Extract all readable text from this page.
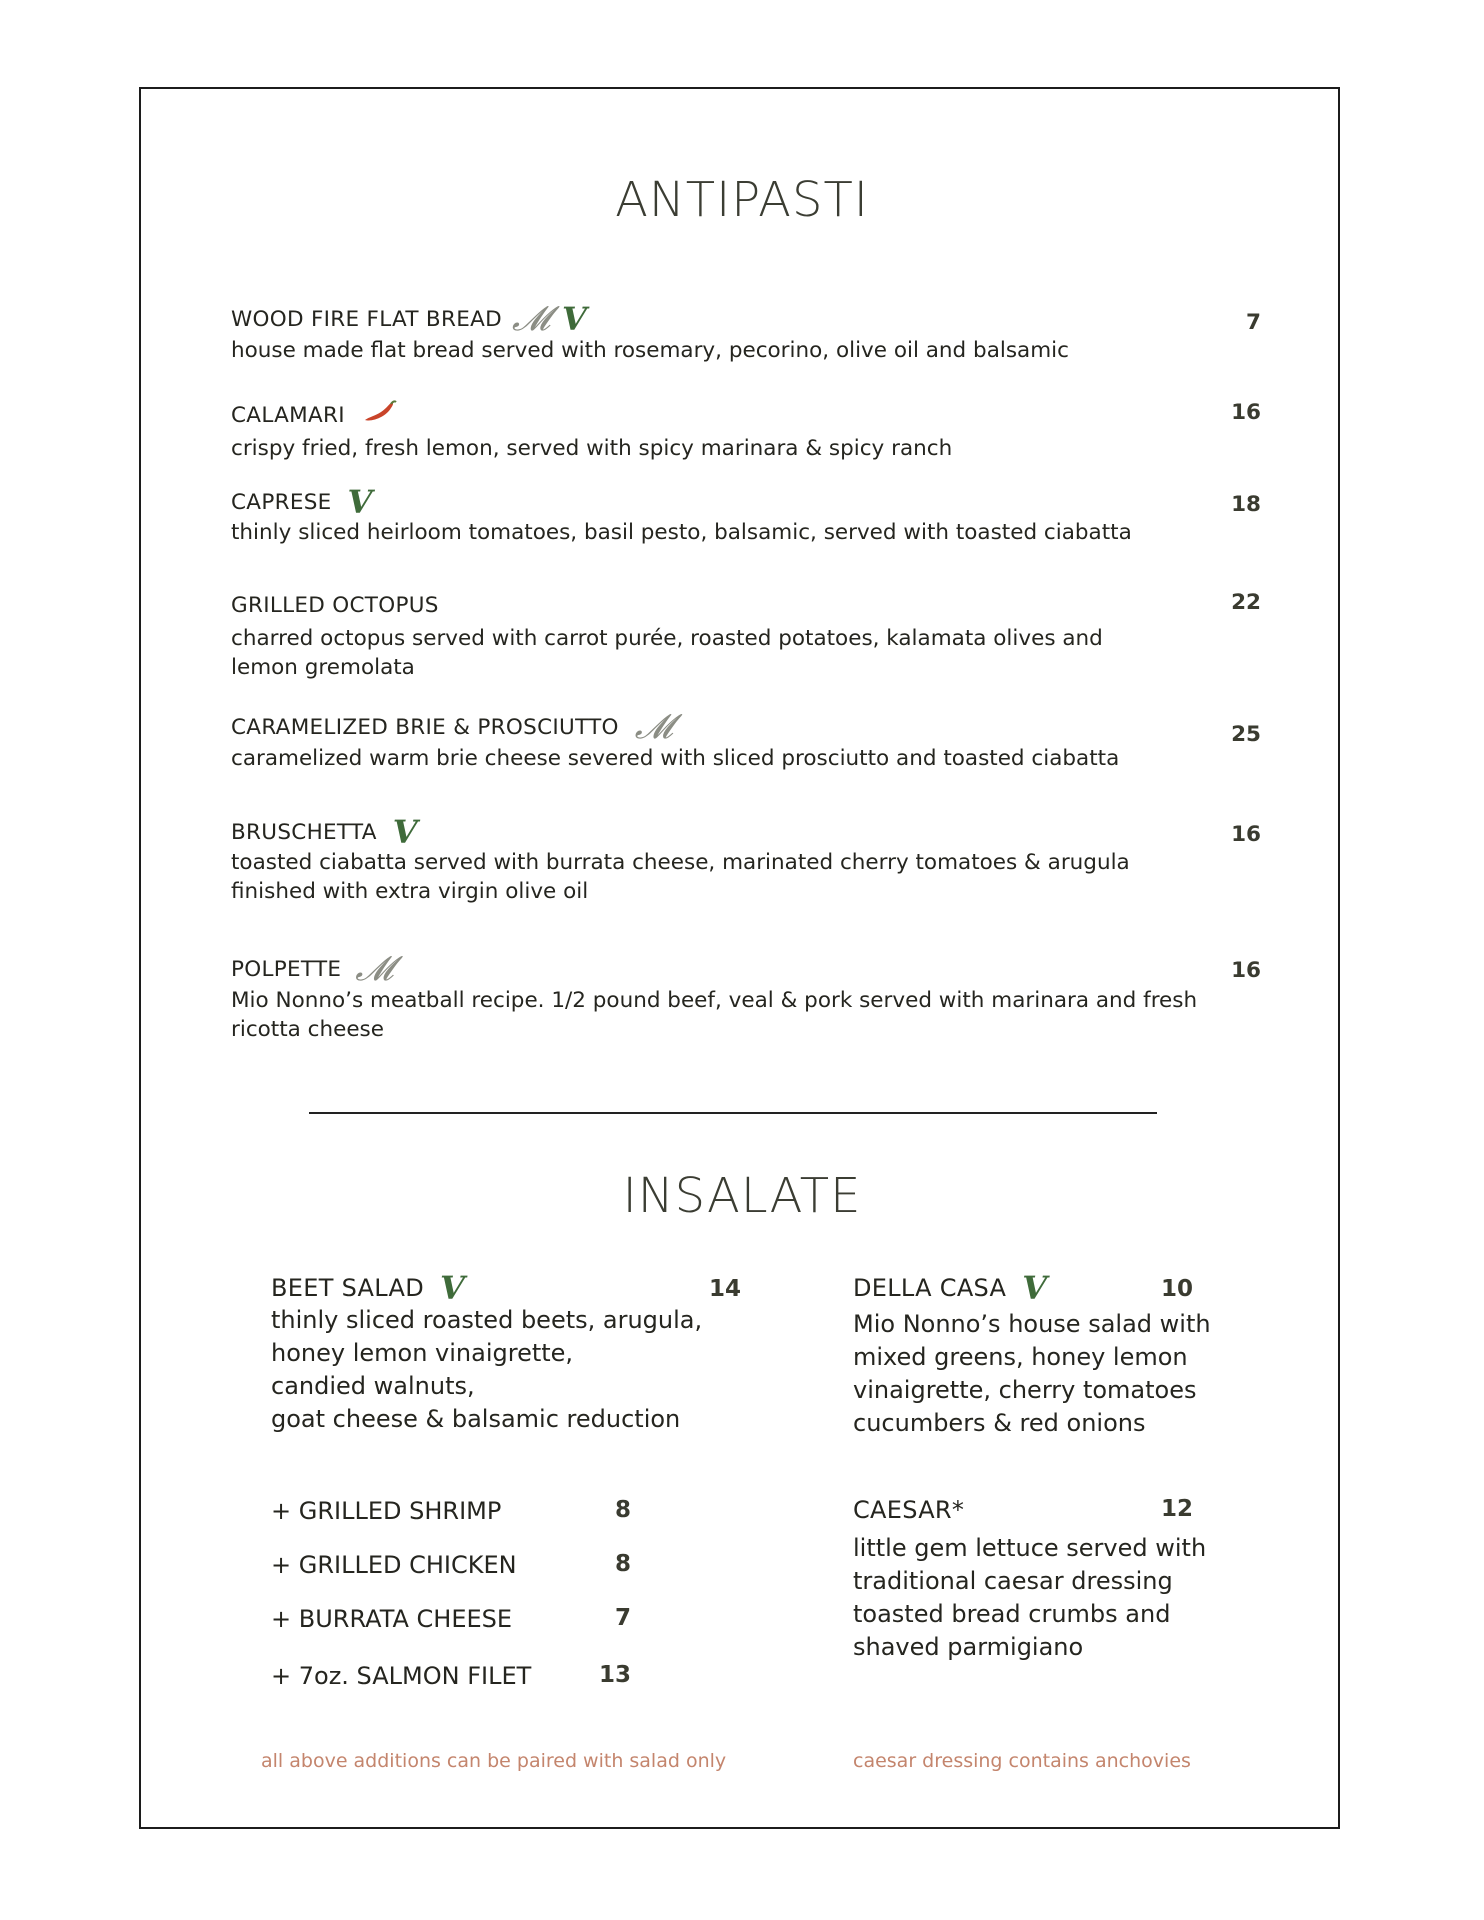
ANTIPASTI
WOOD FIRE FLAT BREAD 𝓜 V	7
house made flat bread served with rosemary, pecorino, olive oil and balsamic
CALAMARI	16
crispy fried, fresh lemon, served with spicy marinara & spicy ranch
CAPRESE V	18
thinly sliced heirloom tomatoes, basil pesto, balsamic, served with toasted ciabatta
GRILLED OCTOPUS	22
charred octopus served with carrot purée, roasted potatoes, kalamata olives and lemon gremolata
CARAMELIZED BRIE & PROSCIUTTO 𝓜	25
caramelized warm brie cheese severed with sliced prosciutto and toasted ciabatta
BRUSCHETTA V	16
toasted ciabatta served with burrata cheese, marinated cherry tomatoes & arugula finished with extra virgin olive oil
POLPETTE 𝓜	16
Mio Nonno’s meatball recipe. 1/2 pound beef, veal & pork served with marinara and fresh ricotta cheese
INSALATE
BEET SALAD V	14
thinly sliced roasted beets, arugula,
honey lemon vinaigrette,
candied walnuts,
goat cheese & balsamic reduction
DELLA CASA V	10
Mio Nonno’s house salad with
mixed greens, honey lemon
vinaigrette, cherry tomatoes
cucumbers & red onions
+ GRILLED SHRIMP	8
+ GRILLED CHICKEN	8
+ BURRATA CHEESE	7
+ 7oz. SALMON FILET	13
CAESAR*	12
little gem lettuce served with
traditional caesar dressing
toasted bread crumbs and
shaved parmigiano
all above additions can be paired with salad only	caesar dressing contains anchovies
